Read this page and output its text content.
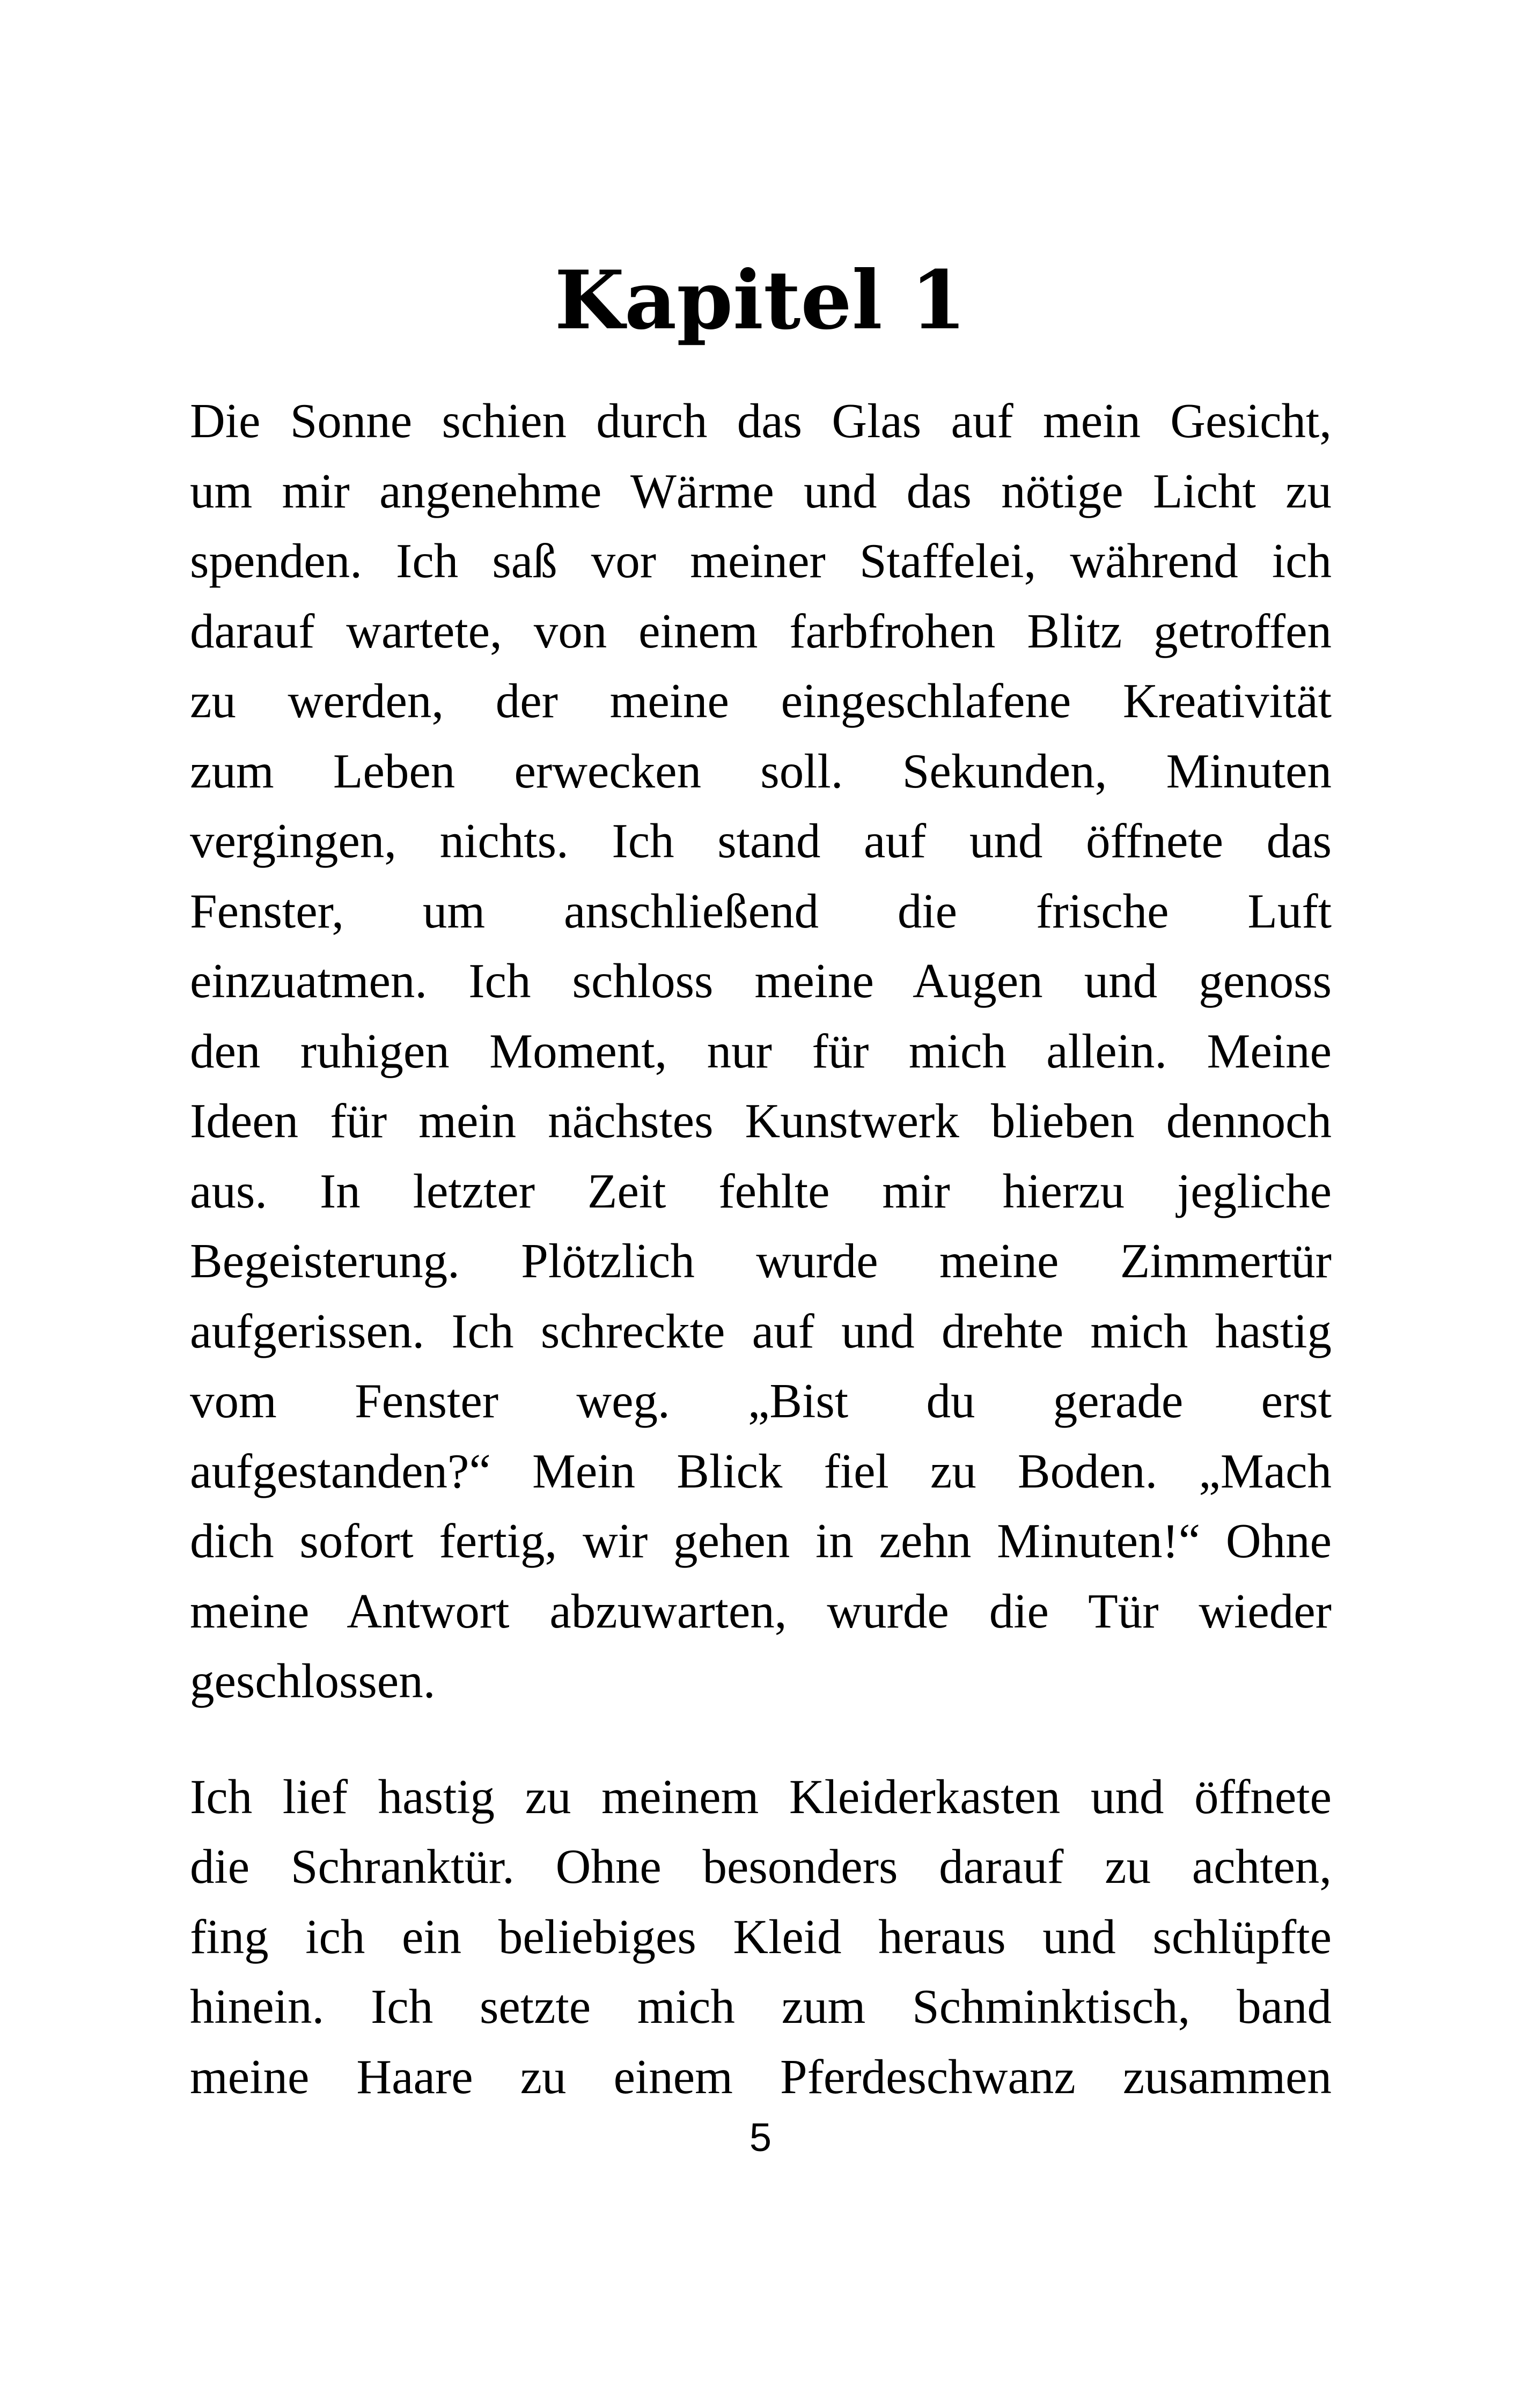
Kapitel 1

Die Sonne schien durch das Glas auf mein Gesicht,
um mir angenehme Wärme und das nötige Licht zu
spenden. Ich saß vor meiner Staffelei, während ich
darauf wartete, von einem farbfrohen Blitz getroffen
zu werden, der meine eingeschlafene Kreativität
zum Leben erwecken soll. Sekunden, Minuten
vergingen, nichts. Ich stand auf und öffnete das
Fenster, um anschließend die frische Luft
einzuatmen. Ich schloss meine Augen und genoss
den ruhigen Moment, nur für mich allein. Meine
Ideen für mein nächstes Kunstwerk blieben dennoch
aus. In letzter Zeit fehlte mir hierzu jegliche
Begeisterung. Plötzlich wurde meine Zimmertür
aufgerissen. Ich schreckte auf und drehte mich hastig
vom Fenster weg. „Bist du gerade erst
aufgestanden?“ Mein Blick fiel zu Boden. „Mach
dich sofort fertig, wir gehen in zehn Minuten!“ Ohne
meine Antwort abzuwarten, wurde die Tür wieder
geschlossen.

Ich lief hastig zu meinem Kleiderkasten und öffnete
die Schranktür. Ohne besonders darauf zu achten,
fing ich ein beliebiges Kleid heraus und schlüpfte
hinein. Ich setzte mich zum Schminktisch, band
meine Haare zu einem Pferdeschwanz zusammen

5
